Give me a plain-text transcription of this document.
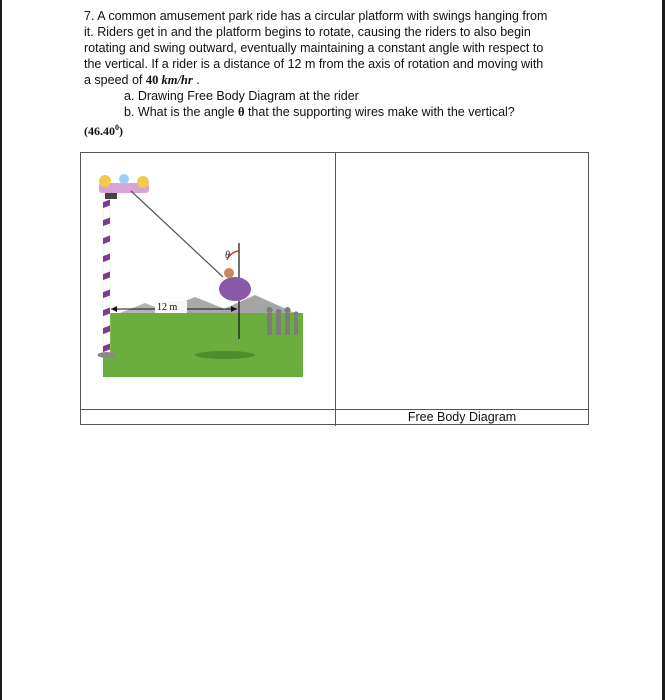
7. A common amusement park ride has a circular platform with swings hanging from

it. Riders get in and the platform begins to rotate, causing the riders to also begin

rotating and swing outward, eventually maintaining a constant angle with respect to

the vertical. If a rider is a distance of 12 m from the axis of rotation and moving with

a speed of 40 km/hr .

a. Drawing Free Body Diagram at the rider

b. What is the angle θ that the supporting wires make with the vertical?

(46.40$^0$)

θ
12 m
Free Body Diagram
